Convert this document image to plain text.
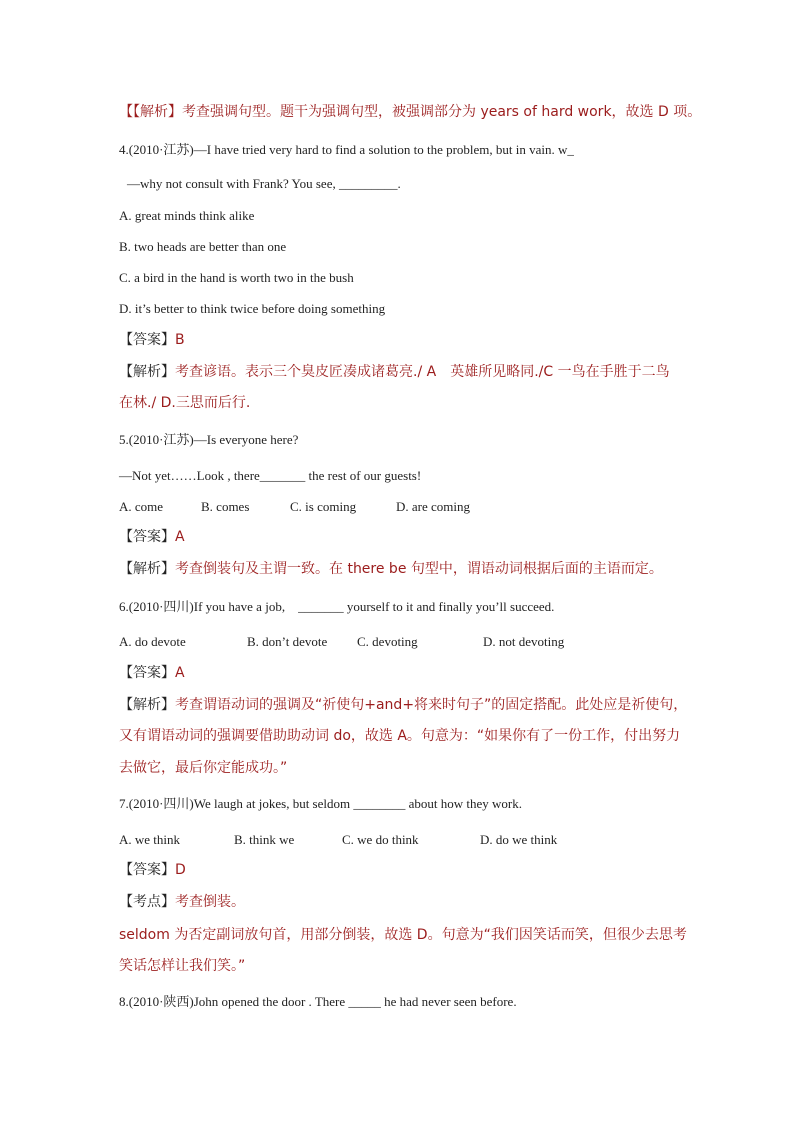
【【解析】考查强调句型。题干为强调句型，被强调部分为 years of hard work，故选 D 项。
4.(2010·江苏)—I have tried very hard to find a solution to the problem, but in vain. w_
—why not consult with Frank? You see, _________.
A. great minds think alike
B. two heads are better than one
C. a bird in the hand is worth two in the bush
D. it’s better to think twice before doing something
【答案】B
【解析】考查谚语。表示三个臭皮匠凑成诸葛亮./ A　英雄所见略同./C 一鸟在手胜于二鸟
在林./ D.三思而后行.
5.(2010·江苏)—Is everyone here?
—Not yet……Look , there_______ the rest of our guests!
A. come	B. comes	C. is coming	D. are coming
【答案】A
【解析】考查倒装句及主谓一致。在 there be 句型中，谓语动词根据后面的主语而定。
6.(2010·四川)If you have a job,　_______ yourself to it and finally you’ll succeed.
A. do devote	B. don’t devote C. devoting	D. not devoting
【答案】A
【解析】考查谓语动词的强调及“祈使句+and+将来时句子”的固定搭配。此处应是祈使句，
又有谓语动词的强调要借助助动词 do，故选 A。句意为：“如果你有了一份工作，付出努力
去做它，最后你定能成功。”
7.(2010·四川)We laugh at jokes, but seldom ________ about how they work.
A. we think	B. think we	C. we do think	D. do we think
【答案】D
【考点】考查倒装。
seldom 为否定副词放句首，用部分倒装，故选 D。句意为“我们因笑话而笑，但很少去思考
笑话怎样让我们笑。”
8.(2010·陕西)John opened the door . There _____ he had never seen before.
